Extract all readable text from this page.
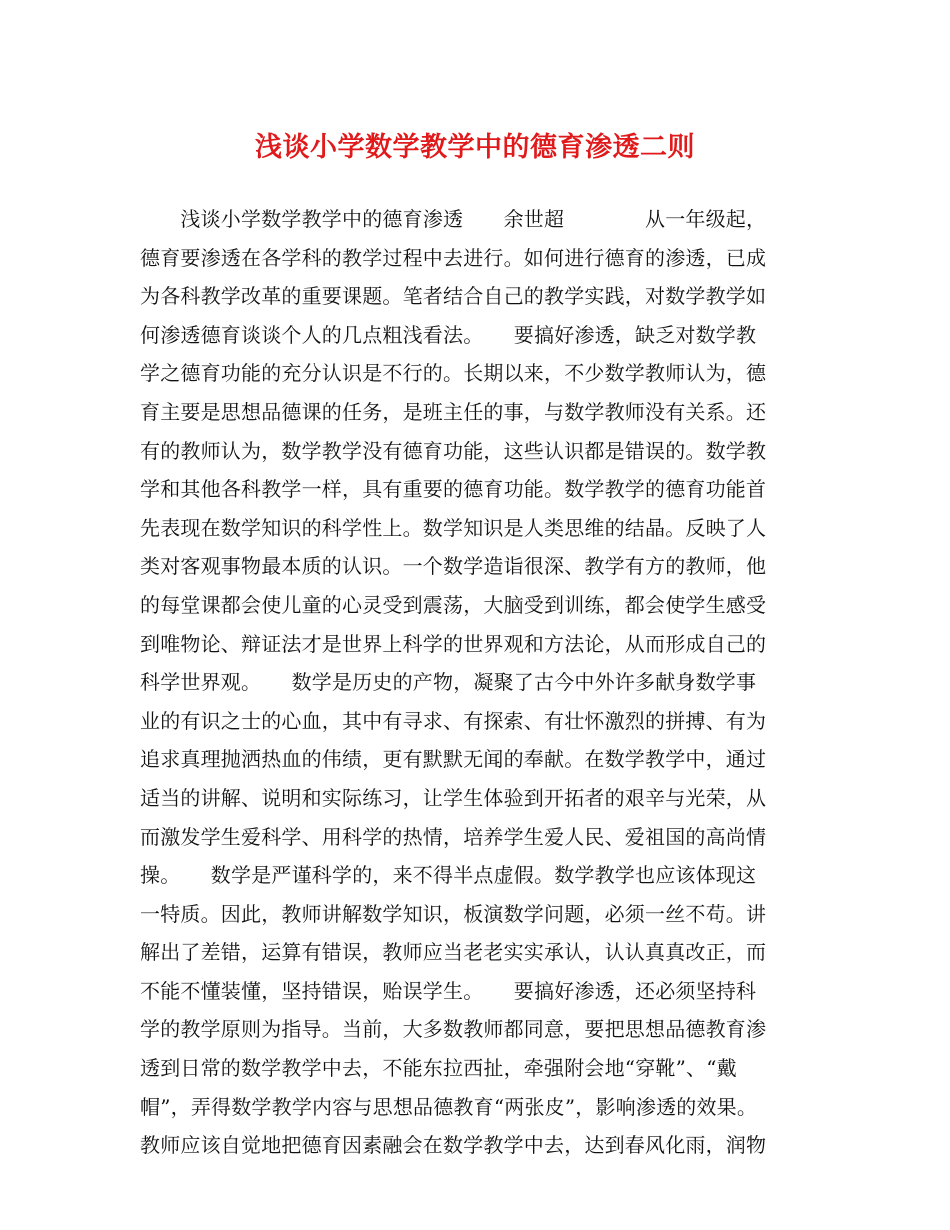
浅谈小学数学教学中的德育渗透二则
　　浅谈小学数学教学中的德育渗透　　余世超　　　　从一年级起，
德育要渗透在各学科的教学过程中去进行。如何进行德育的渗透，已成
为各科教学改革的重要课题。笔者结合自己的教学实践，对数学教学如
何渗透德育谈谈个人的几点粗浅看法。　　要搞好渗透，缺乏对数学教
学之德育功能的充分认识是不行的。长期以来，不少数学教师认为，德
育主要是思想品德课的任务，是班主任的事，与数学教师没有关系。还
有的教师认为，数学教学没有德育功能，这些认识都是错误的。数学教
学和其他各科教学一样，具有重要的德育功能。数学教学的德育功能首
先表现在数学知识的科学性上。数学知识是人类思维的结晶。反映了人
类对客观事物最本质的认识。一个数学造诣很深、教学有方的教师，他
的每堂课都会使儿童的心灵受到震荡，大脑受到训练，都会使学生感受
到唯物论、辩证法才是世界上科学的世界观和方法论，从而形成自己的
科学世界观。　　数学是历史的产物，凝聚了古今中外许多献身数学事
业的有识之士的心血，其中有寻求、有探索、有壮怀激烈的拼搏、有为
追求真理抛洒热血的伟绩，更有默默无闻的奉献。在数学教学中，通过
适当的讲解、说明和实际练习，让学生体验到开拓者的艰辛与光荣，从
而激发学生爱科学、用科学的热情，培养学生爱人民、爱祖国的高尚情
操。　　数学是严谨科学的，来不得半点虚假。数学教学也应该体现这
一特质。因此，教师讲解数学知识，板演数学问题，必须一丝不苟。讲
解出了差错，运算有错误，教师应当老老实实承认，认认真真改正，而
不能不懂装懂，坚持错误，贻误学生。　　要搞好渗透，还必须坚持科
学的教学原则为指导。当前，大多数教师都同意，要把思想品德教育渗
透到日常的数学教学中去，不能东拉西扯，牵强附会地“穿靴”、“戴
帽”，弄得数学教学内容与思想品德教育“两张皮”，影响渗透的效果。
教师应该自觉地把德育因素融会在数学教学中去，达到春风化雨，润物
